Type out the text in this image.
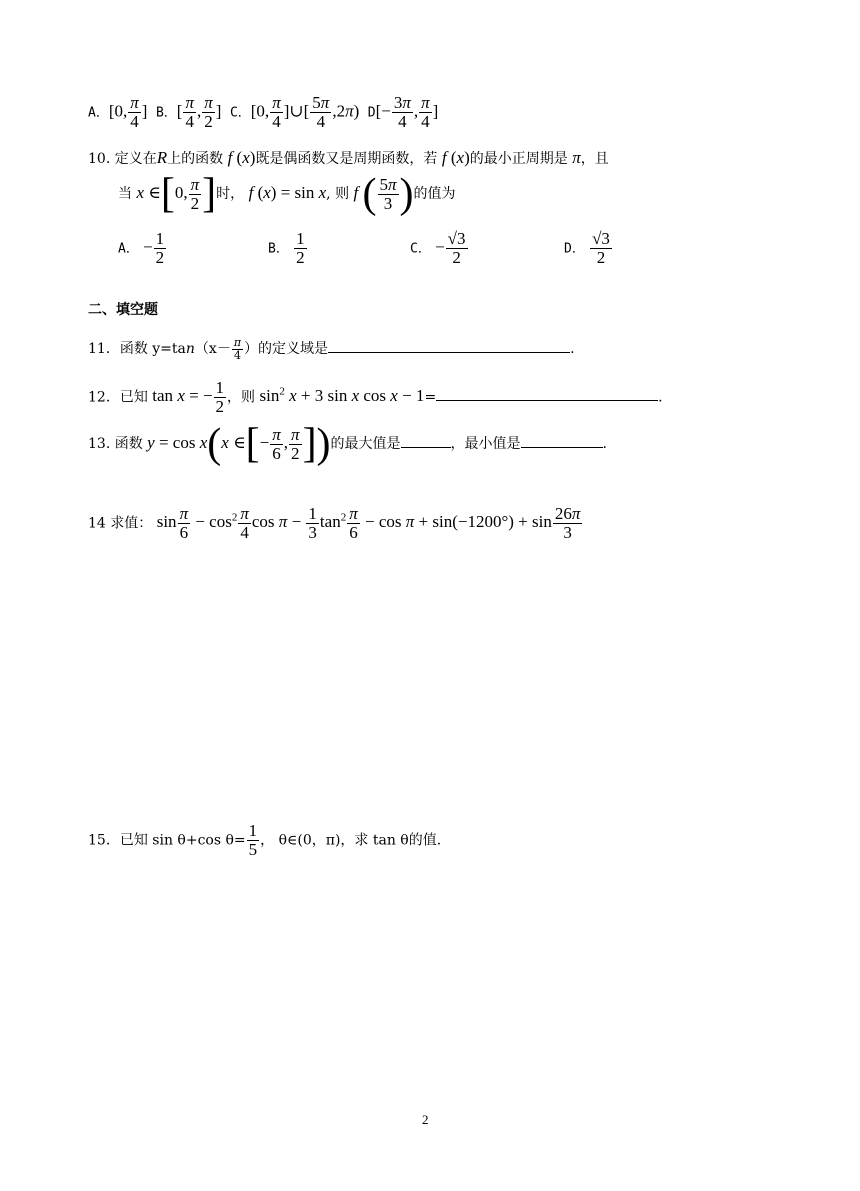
A．[0, $\frac{\pi}{4}$ ]  B．[ $\frac{\pi}{4}$ , $\frac{\pi}{2}$ ]  C．[0, $\frac{\pi}{4}$ ]∪[ $\frac{5\pi}{4} ,2\pi$)  $D[- \frac{3\pi}{4}$ , $\frac{\pi}{4}$ ]
10. 定义在R上的函数 f (x)既是偶函数又是周期函数，若 f (x)的最小正周期是 π，且
当 x ∈[0, $\frac{\pi}{2}$ ]时， f (x) = sin x, 则 f ( $\frac{5\pi}{3}$ )的值为
A． − $\frac{1}{2}$	B． $\frac{1}{2}$	C． − $\frac{√3}{2}$	D． $\frac{√3}{2}$
二、填空题
11．函数 $y=\tan(x- \frac{\pi}{4}$ ）的定义域是	.
12．已知 tan x = − $\frac{1}{2}$ ，则 $\sin^2 x + 3$ sin x cos x − 1=	.
13. 函数 y = cos x(x ∈[− $\frac{\pi}{6}$ , $\frac{\pi}{2}$ ])的最大值是	，最小值是	.
14 求值： $\sin \frac{\pi}{6} - \cos^2 \frac{\pi}{4}$ $\cos \pi - \frac{1}{3} \tan^2 \frac{\pi}{6} - \cos \pi + \sin(-1200^\circ) + \sin \frac{26\pi}{3}$
15．已知 sin θ+cos $\theta= \frac{1}{5}$ ， θ∈(0，π)，求 tan θ的值.
2
